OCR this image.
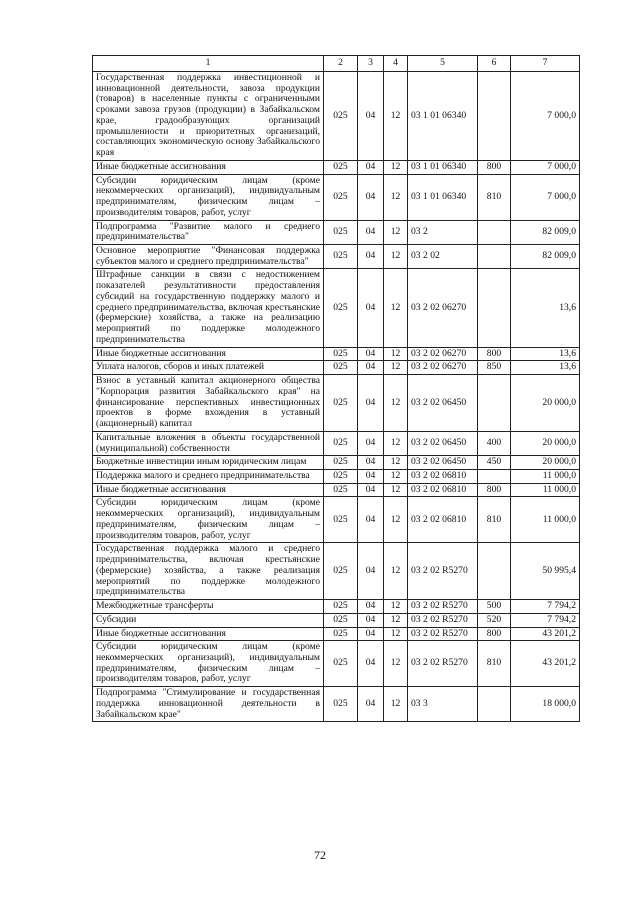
1	2	3	4	5	6	7
Государственная поддержка инвестиционной и инновационной деятельности, завоза продукции (товаров) в населенные пункты с ограниченными сроками завоза грузов (продукции) в Забайкальском крае, градообразующих организаций промышленности и приоритетных организаций, составляющих экономическую основу Забайкальского края	025	04	12	03 1 01 06340		7 000,0
Иные бюджетные ассигнования	025	04	12	03 1 01 06340	800	7 000,0
Субсидии юридическим лицам (кроме некоммерческих организаций), индивидуальным предпринимателям, физическим лицам – производителям товаров, работ, услуг	025	04	12	03 1 01 06340	810	7 000,0
Подпрограмма "Развитие малого и среднего предпринимательства"	025	04	12	03 2		82 009,0
Основное мероприятие "Финансовая поддержка субъектов малого и среднего предпринимательства"	025	04	12	03 2 02		82 009,0
Штрафные санкции в связи с недостижением показателей результативности предоставления субсидий на государственную поддержку малого и среднего предпринимательства, включая крестьянские (фермерские) хозяйства, а также на реализацию мероприятий по поддержке молодежного предпринимательства	025	04	12	03 2 02 06270		13,6
Иные бюджетные ассигнования	025	04	12	03 2 02 06270	800	13,6
Уплата налогов, сборов и иных платежей	025	04	12	03 2 02 06270	850	13,6
Взнос в уставный капитал акционерного общества "Корпорация развития Забайкальского края" на финансирование перспективных инвестиционных проектов в форме вхождения в уставный (акционерный) капитал	025	04	12	03 2 02 06450		20 000,0
Капитальные вложения в объекты государственной (муниципальной) собственности	025	04	12	03 2 02 06450	400	20 000,0
Бюджетные инвестиции иным юридическим лицам	025	04	12	03 2 02 06450	450	20 000,0
Поддержка малого и среднего предпринимательства	025	04	12	03 2 02 06810		11 000,0
Иные бюджетные ассигнования	025	04	12	03 2 02 06810	800	11 000,0
Субсидии юридическим лицам (кроме некоммерческих организаций), индивидуальным предпринимателям, физическим лицам – производителям товаров, работ, услуг	025	04	12	03 2 02 06810	810	11 000,0
Государственная поддержка малого и среднего предпринимательства, включая крестьянские (фермерские) хозяйства, а также реализация мероприятий по поддержке молодежного предпринимательства	025	04	12	03 2 02 R5270		50 995,4
Межбюджетные трансферты	025	04	12	03 2 02 R5270	500	7 794,2
Субсидии	025	04	12	03 2 02 R5270	520	7 794,2
Иные бюджетные ассигнования	025	04	12	03 2 02 R5270	800	43 201,2
Субсидии юридическим лицам (кроме некоммерческих организаций), индивидуальным предпринимателям, физическим лицам – производителям товаров, работ, услуг	025	04	12	03 2 02 R5270	810	43 201,2
Подпрограмма "Стимулирование и государственная поддержка инновационной деятельности в Забайкальском крае"	025	04	12	03 3		18 000,0
72
